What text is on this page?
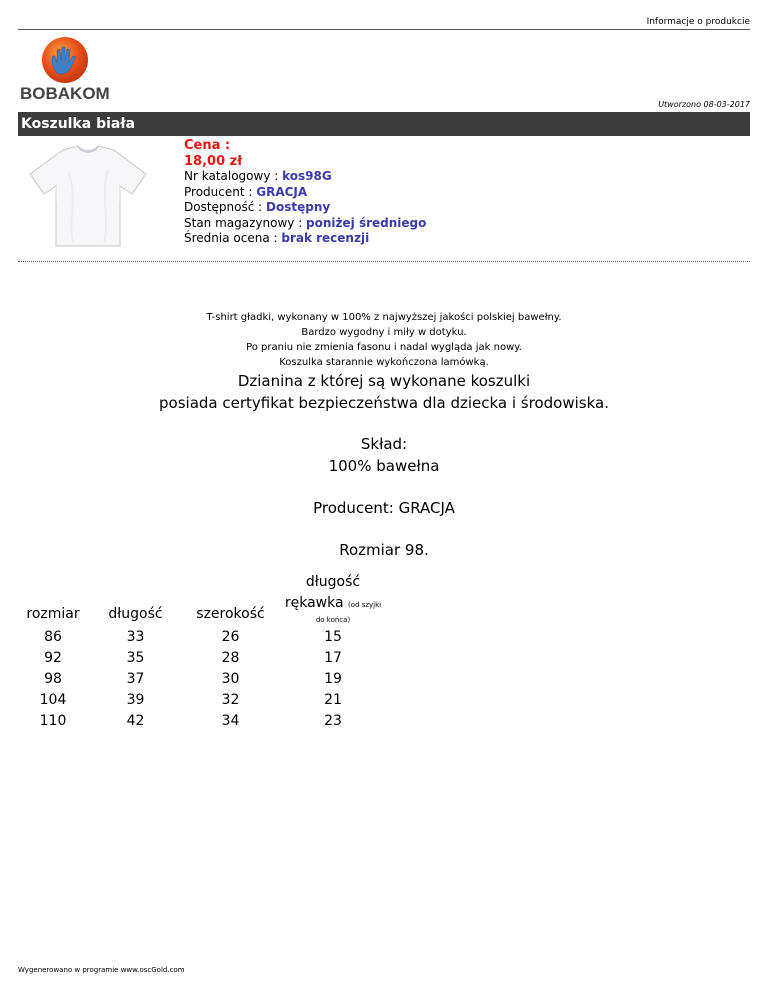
Informacje o produkcie
BOBAKOM
Utworzono 08-03-2017
Koszulka biała
Cena :
18,00 zł
Nr katalogowy : kos98G
Producent : GRACJA
Dostępność : Dostępny
Stan magazynowy : poniżej średniego
Średnia ocena : brak recenzji
T-shirt gładki, wykonany w 100% z najwyższej jakości polskiej bawełny.
Bardzo wygodny i miły w dotyku.
Po praniu nie zmienia fasonu i nadal wygląda jak nowy.
Koszulka starannie wykończona lamówką.
Dzianina z której są wykonane koszulki
posiada certyfikat bezpieczeństwa dla dziecka i środowiska.
Skład:
100% bawełna
Producent: GRACJA
Rozmiar 98.
rozmiar	długość	szerokość	długość
rękawka (od szyjki
do końca)

86	33	26	15
92	35	28	17
98	37	30	19
104	39	32	21
110	42	34	23
Wygenerowano w programie www.oscGold.com
